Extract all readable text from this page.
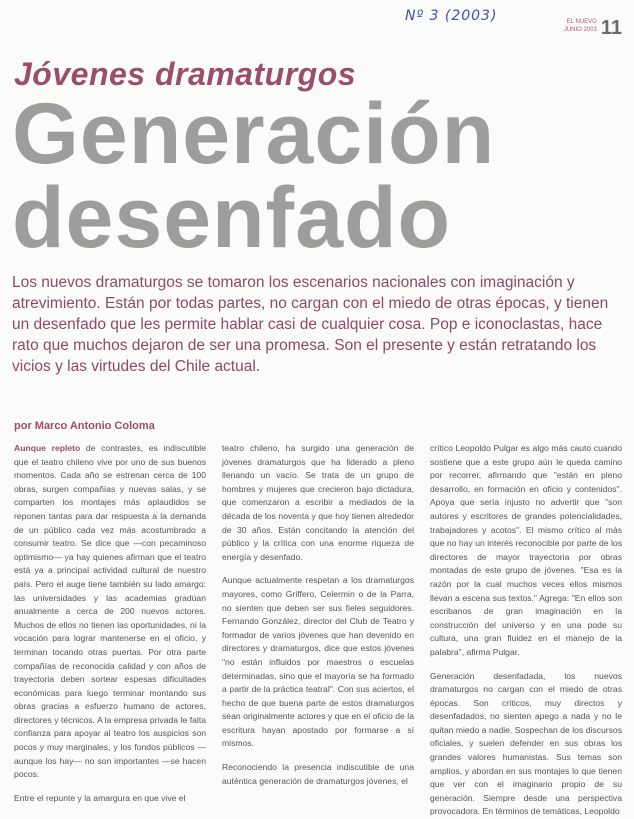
Nº 3 (2003)	EL NUEVO
JUNIO 2003 11
Jóvenes dramaturgos
Generación
desenfado

Los nuevos dramaturgos se tomaron los escenarios nacionales con imaginación y atrevimiento. Están por todas partes, no cargan con el miedo de otras épocas, y tienen un desenfado que les permite hablar casi de cualquier cosa. Pop e iconoclastas, hace rato que muchos dejaron de ser una promesa. Son el presente y están retratando los vicios y las virtudes del Chile actual.

por Marco Antonio Coloma

Aunque repleto de contrastes, es indiscutible que el teatro chileno vive por uno de sus buenos momentos. Cada año se estrenan cerca de 100 obras, surgen compañías y nuevas salas, y se comparten los montajes más aplaudidos se reponen tantas para dar respuesta a la demanda de un público cada vez más acostumbrado a consumir teatro. Se dice que —con pecaminoso optimismo— ya hay quienes afirman que el teatro está ya a principal actividad cultural de nuestro país. Pero el auge tiene también su lado amargo: las universidades y las academias gradúan anualmente a cerca de 200 nuevos actores. Muchos de ellos no tienen las oportunidades, ni la vocación para lograr mantenerse en el oficio, y terminan tocando otras puertas. Por otra parte compañías de reconocida calidad y con años de trayectoria deben sortear espesas dificultades económicas para luego terminar montando sus obras gracias a esfuerzo humano de actores, directores y técnicos. A la empresa privada le falta confianza para apoyar al teatro los auspicios son pocos y muy marginales, y los fondos públicos —aunque los hay— no son importantes —se hacen pocos.

Entre el repunte y la amargura en que vive el

teatro chileno, ha surgido una generación de jóvenes dramaturgos que ha liderado a pleno llenando un vacío. Se trata de un grupo de hombres y mujeres que crecieron bajo dictadura, que comenzaron a escribir a mediados de la década de los noventa y que hoy tienen alrededor de 30 años. Están concitando la atención del público y la crítica con una enorme riqueza de energía y desenfado.

Aunque actualmente respetan a los dramaturgos mayores, como Griffero, Celermin o de la Parra, no sienten que deben ser sus fieles seguidores. Fernando González, director del Club de Teatro y formador de varios jóvenes que han devenido en directores y dramaturgos, dice que estos jóvenes "no están influidos por maestros o escuelas determinadas, sino que el mayoría se ha formado a partir de la práctica teatral". Con sus aciertos, el hecho de que buena parte de estos dramaturgos sean originalmente actores y que en el oficio de la escritura hayan apostado por formarse a sí mismos.

Reconociendo la presencia indiscutible de una auténtica generación de dramaturgos jóvenes, el

crítico Leopoldo Pulgar es algo más cauto cuando sostiene que a este grupo aún le queda camino por recorrer, afirmando que "están en pleno desarrollo, en formación en oficio y contenidos". Apoya que sería injusto no advertir que "son autores y escritores de grandes potencialidades, trabajadores y acotos". El mismo crítico al más que no hay un interés reconocible por parte de los directores de mayor trayectoria por obras montadas de este grupo de jóvenes. "Esa es la razón por la cual muchos veces ellos mismos llevan a escena sus textos." Agrega: "En ellos son escribanos de gran imaginación en la construcción del universo y en una pode su cultura, una gran fluidez en el manejo de la palabra", afirma Pulgar.

Generación desenfadada, los nuevos dramaturgos no cargan con el miedo de otras épocas. Son críticos, muy directos y desenfadados, no sienten apego a nada y no le quitan miedo a nadie. Sospechan de los discursos oficiales, y suelen defender en sus obras los grandes valores humanistas. Sus temas son amplios, y abordan en sus montajes lo que tienen que ver con el imaginario propio de su generación. Siempre desde una perspectiva provocadora. En términos de temáticas, Leopoldo
